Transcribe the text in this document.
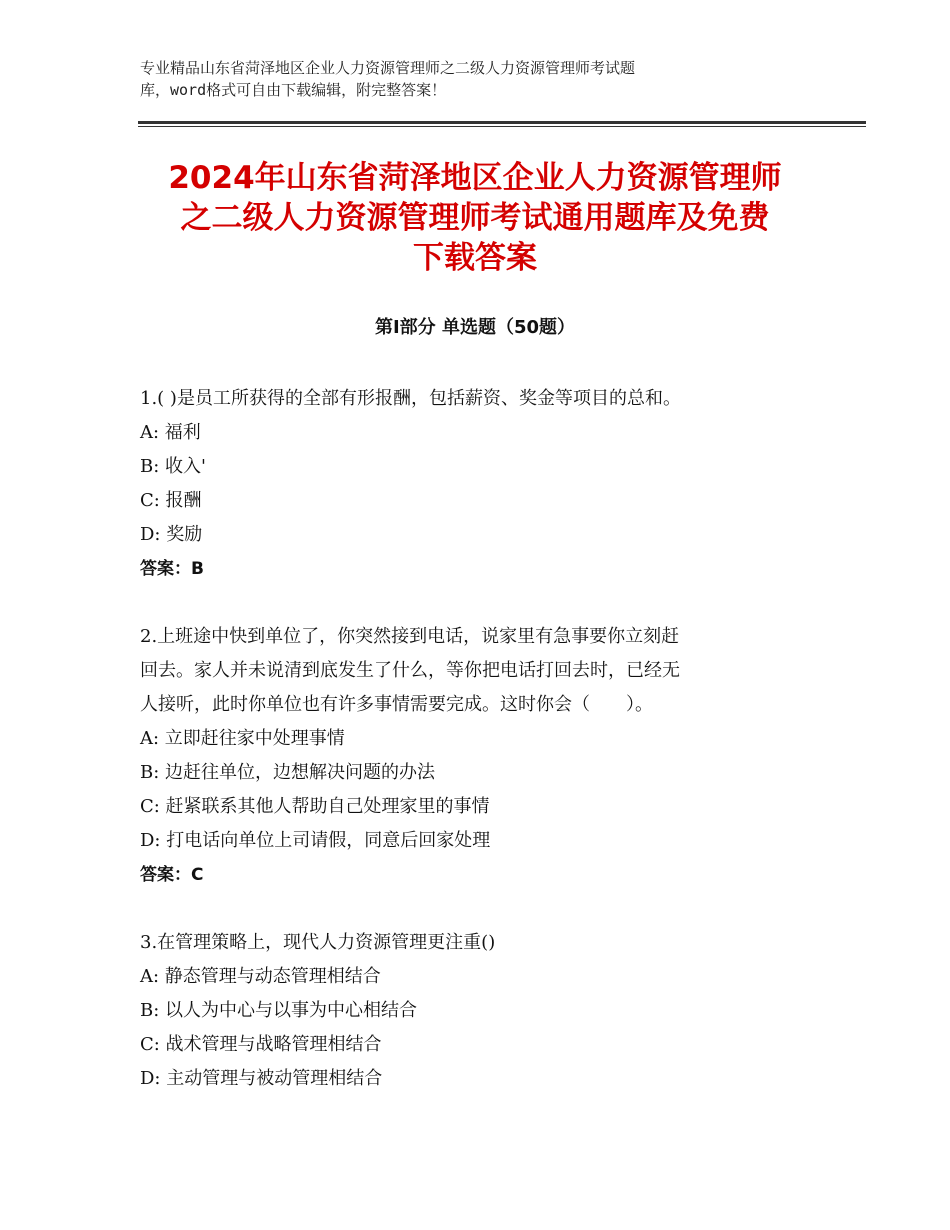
专业精品山东省菏泽地区企业人力资源管理师之二级人力资源管理师考试题
库，word格式可自由下载编辑，附完整答案！
2024年山东省菏泽地区企业人力资源管理师
之二级人力资源管理师考试通用题库及免费
下载答案
第Ⅰ部分 单选题（50题）
1.( )是员工所获得的全部有形报酬，包括薪资、奖金等项目的总和。
A: 福利
B: 收入'
C: 报酬
D: 奖励
答案：B
2.上班途中快到单位了，你突然接到电话，说家里有急事要你立刻赶
回去。家人并未说清到底发生了什么，等你把电话打回去时，已经无
人接听，此时你单位也有许多事情需要完成。这时你会（　　）。
A: 立即赶往家中处理事情
B: 边赶往单位，边想解决问题的办法
C: 赶紧联系其他人帮助自己处理家里的事情
D: 打电话向单位上司请假，同意后回家处理
答案：C
3.在管理策略上，现代人力资源管理更注重()
A: 静态管理与动态管理相结合
B: 以人为中心与以事为中心相结合
C: 战术管理与战略管理相结合
D: 主动管理与被动管理相结合
